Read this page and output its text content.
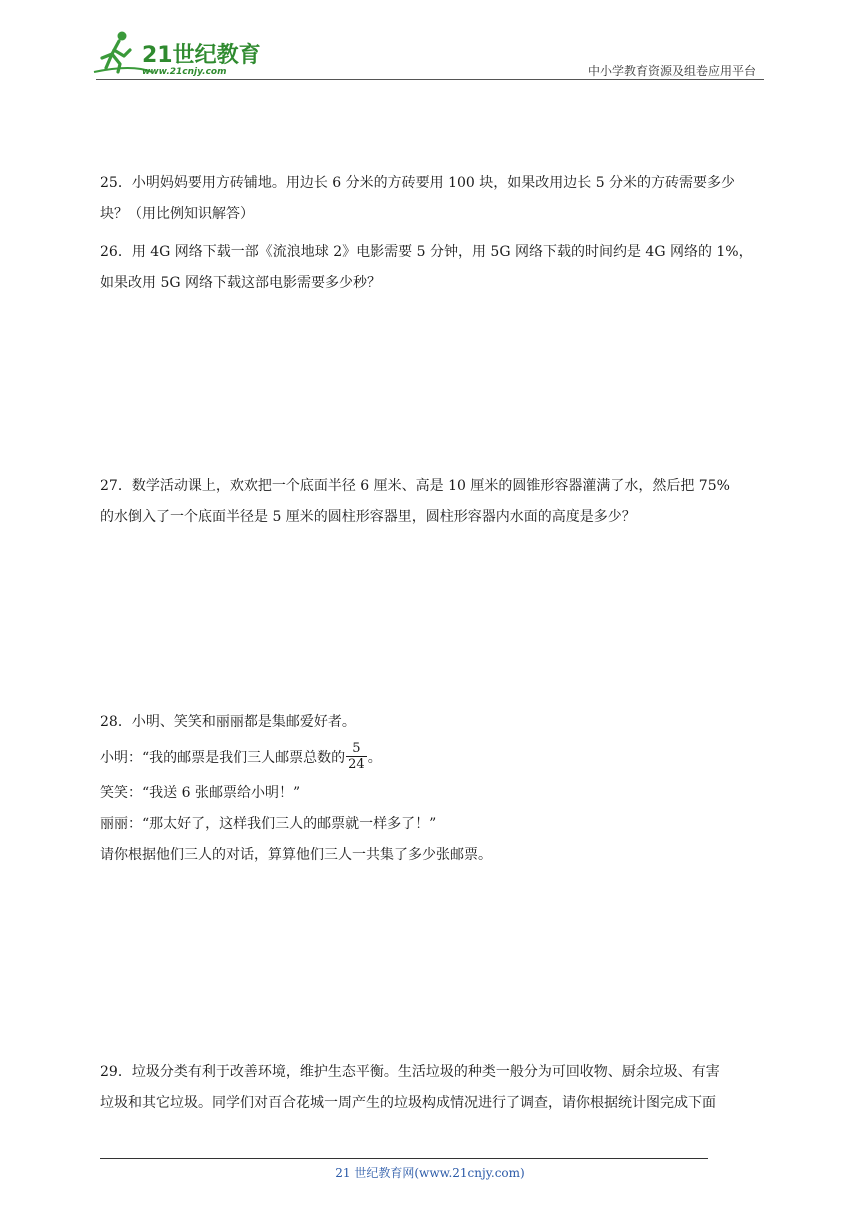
21世纪教育
www.21cnjy.com	中小学教育资源及组卷应用平台

25．小明妈妈要用方砖铺地。用边长 6 分米的方砖要用 100 块，如果改用边长 5 分米的方砖需要多少

块？（用比例知识解答）

26．用 4G 网络下载一部《流浪地球 2》电影需要 5 分钟，用 5G 网络下载的时间约是 4G 网络的 1%，

如果改用 5G 网络下载这部电影需要多少秒？

27．数学活动课上，欢欢把一个底面半径 6 厘米、高是 10 厘米的圆锥形容器灌满了水，然后把 75%

的水倒入了一个底面半径是 5 厘米的圆柱形容器里，圆柱形容器内水面的高度是多少？

28．小明、笑笑和丽丽都是集邮爱好者。

小明：“我的邮票是我们三人邮票总数的 $\frac{5}{24}$ 。

笑笑：“我送 6 张邮票给小明！”

丽丽：“那太好了，这样我们三人的邮票就一样多了！”

请你根据他们三人的对话，算算他们三人一共集了多少张邮票。

29．垃圾分类有利于改善环境，维护生态平衡。生活垃圾的种类一般分为可回收物、厨余垃圾、有害

垃圾和其它垃圾。同学们对百合花城一周产生的垃圾构成情况进行了调查，请你根据统计图完成下面

21 世纪教育网(www.21cnjy.com)
